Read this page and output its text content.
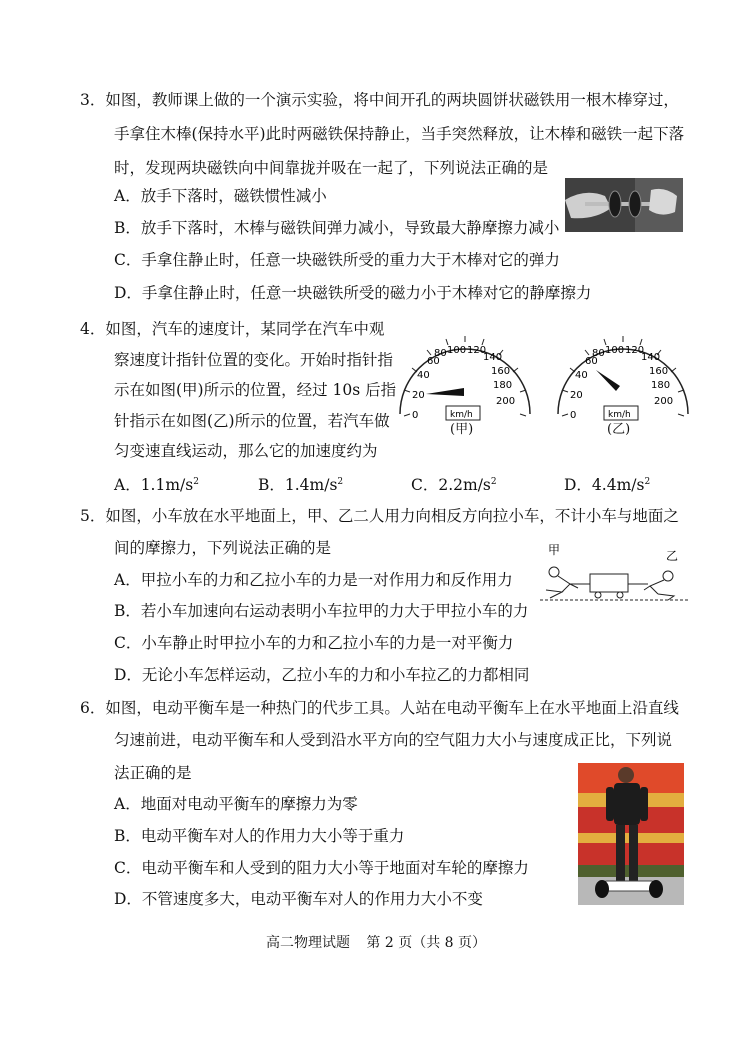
3．如图，教师课上做的一个演示实验，将中间开孔的两块圆饼状磁铁用一根木棒穿过，
手拿住木棒(保持水平)此时两磁铁保持静止，当手突然释放，让木棒和磁铁一起下落
时，发现两块磁铁向中间靠拢并吸在一起了，下列说法正确的是
A．放手下落时，磁铁惯性减小
B．放手下落时，木棒与磁铁间弹力减小，导致最大静摩擦力减小
C．手拿住静止时，任意一块磁铁所受的重力大于木棒对它的弹力
D．手拿住静止时，任意一块磁铁所受的磁力小于木棒对它的静摩擦力
4．如图，汽车的速度计，某同学在汽车中观
察速度计指针位置的变化。开始时指针指
示在如图(甲)所示的位置，经过 10s 后指
针指示在如图(乙)所示的位置，若汽车做
匀变速直线运动，那么它的加速度约为
0
20
40
60
80 100 120
140
160
180
200
km/h
(甲)
0
20
40
60
80 100 120
140
160
180
200
km/h
(乙)
A．$1.1m/s^2$	B．$1.4m/s^2$	C．$2.2m/s^2$	D．$4.4m/s^2$
5．如图，小车放在水平地面上，甲、乙二人用力向相反方向拉小车，不计小车与地面之
间的摩擦力，下列说法正确的是
A．甲拉小车的力和乙拉小车的力是一对作用力和反作用力
B．若小车加速向右运动表明小车拉甲的力大于甲拉小车的力
C．小车静止时甲拉小车的力和乙拉小车的力是一对平衡力
D．无论小车怎样运动，乙拉小车的力和小车拉乙的力都相同
甲	乙
6．如图，电动平衡车是一种热门的代步工具。人站在电动平衡车上在水平地面上沿直线
匀速前进，电动平衡车和人受到沿水平方向的空气阻力大小与速度成正比，下列说
法正确的是
A．地面对电动平衡车的摩擦力为零
B．电动平衡车对人的作用力大小等于重力
C．电动平衡车和人受到的阻力大小等于地面对车轮的摩擦力
D．不管速度多大，电动平衡车对人的作用力大小不变
高二物理试题 第 2 页（共 8 页）
